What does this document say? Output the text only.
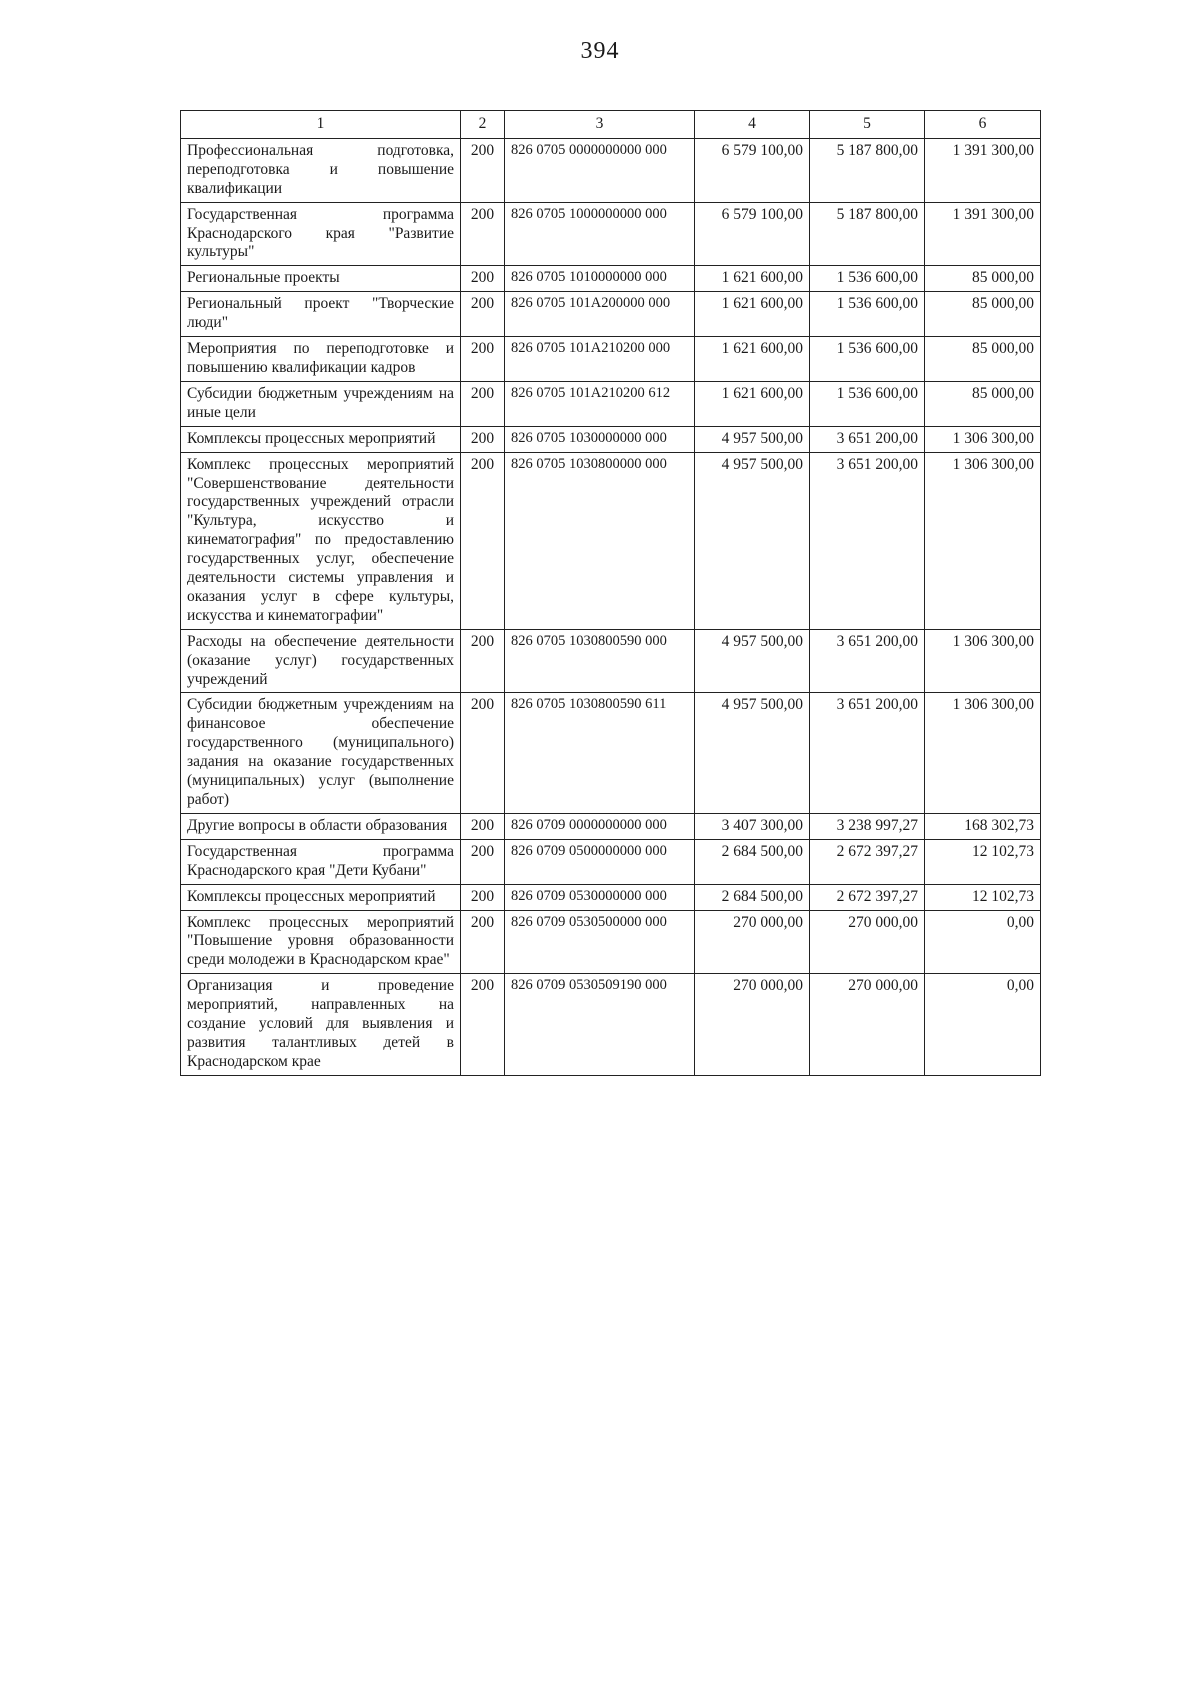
394
1	2	3	4	5	6
Профессиональная подготовка, переподготовка и повышение квалификации	200	826 0705 0000000000 000	6 579 100,00	5 187 800,00	1 391 300,00
Государственная программа Краснодарского края "Развитие культуры"	200	826 0705 1000000000 000	6 579 100,00	5 187 800,00	1 391 300,00
Региональные проекты	200	826 0705 1010000000 000	1 621 600,00	1 536 600,00	85 000,00
Региональный проект "Творческие люди"	200	826 0705 101A200000 000	1 621 600,00	1 536 600,00	85 000,00
Мероприятия по переподготовке и повышению квалификации кадров	200	826 0705 101A210200 000	1 621 600,00	1 536 600,00	85 000,00
Субсидии бюджетным учреждениям на иные цели	200	826 0705 101A210200 612	1 621 600,00	1 536 600,00	85 000,00
Комплексы процессных мероприятий	200	826 0705 1030000000 000	4 957 500,00	3 651 200,00	1 306 300,00
Комплекс процессных мероприятий "Совершенствование деятельности государственных учреждений отрасли "Культура, искусство и кинематография" по предоставлению государственных услуг, обеспечение деятельности системы управления и оказания услуг в сфере культуры, искусства и кинематографии"	200	826 0705 1030800000 000	4 957 500,00	3 651 200,00	1 306 300,00
Расходы на обеспечение деятельности (оказание услуг) государственных учреждений	200	826 0705 1030800590 000	4 957 500,00	3 651 200,00	1 306 300,00
Субсидии бюджетным учреждениям на финансовое обеспечение государственного (муниципального) задания на оказание государственных (муниципальных) услуг (выполнение работ)	200	826 0705 1030800590 611	4 957 500,00	3 651 200,00	1 306 300,00
Другие вопросы в области образования	200	826 0709 0000000000 000	3 407 300,00	3 238 997,27	168 302,73
Государственная программа Краснодарского края "Дети Кубани"	200	826 0709 0500000000 000	2 684 500,00	2 672 397,27	12 102,73
Комплексы процессных мероприятий	200	826 0709 0530000000 000	2 684 500,00	2 672 397,27	12 102,73
Комплекс процессных мероприятий "Повышение уровня образованности среди молодежи в Краснодарском крае"	200	826 0709 0530500000 000	270 000,00	270 000,00	0,00
Организация и проведение мероприятий, направленных на создание условий для выявления и развития талантливых детей в Краснодарском крае	200	826 0709 0530509190 000	270 000,00	270 000,00	0,00
